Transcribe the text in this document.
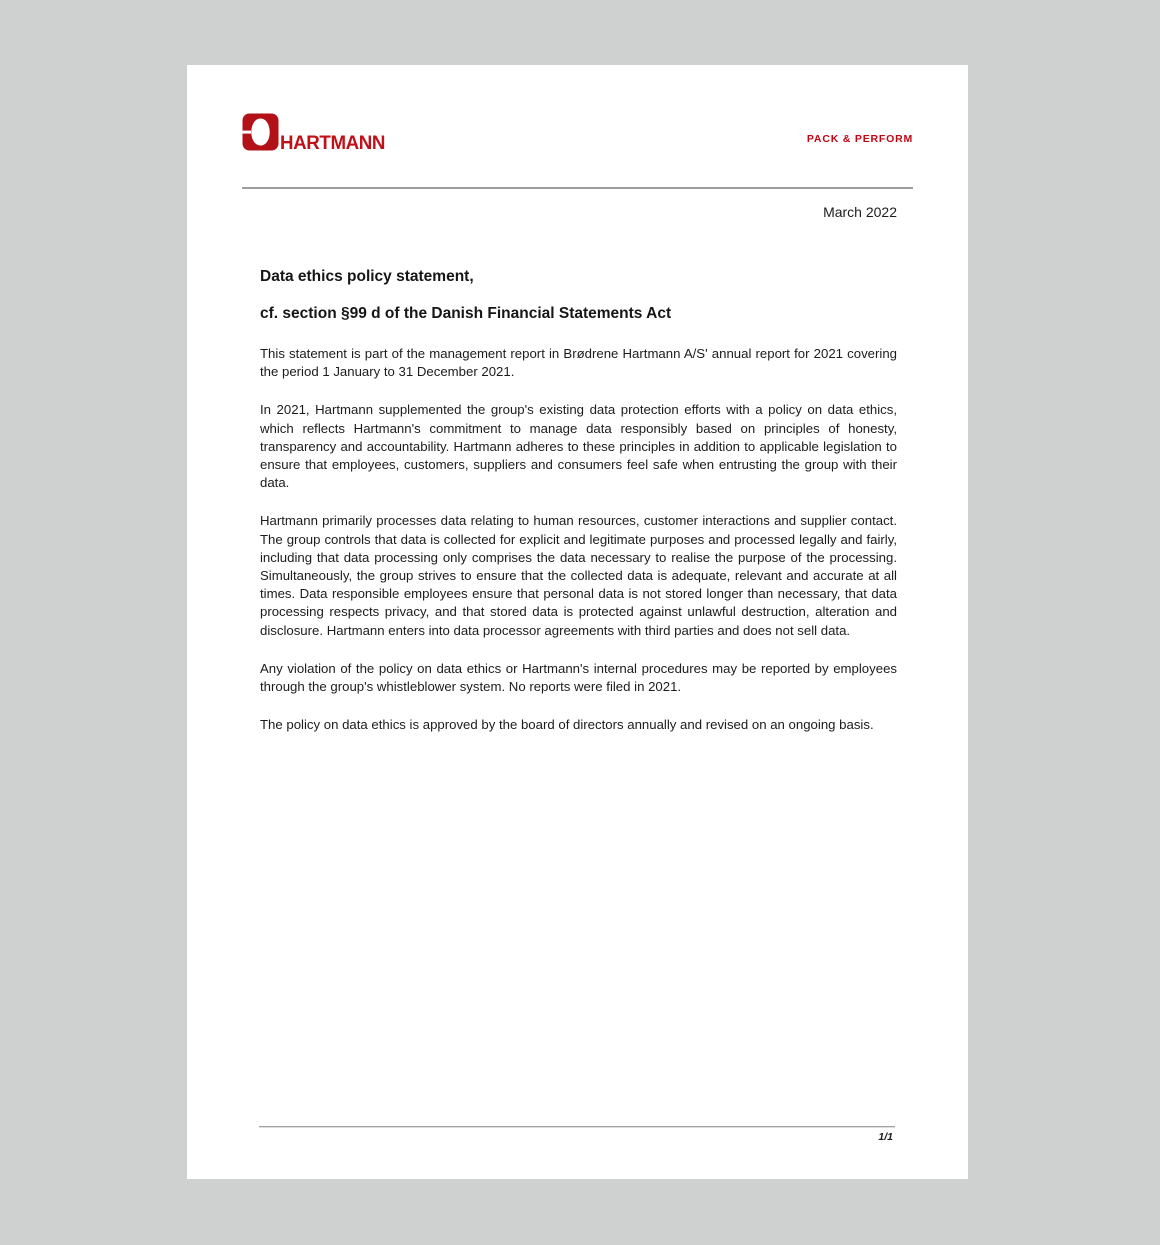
HARTMANN	PACK & PERFORM
March 2022
Data ethics policy statement,
cf. section §99 d of the Danish Financial Statements Act

This statement is part of the management report in Brødrene Hartmann A/S' annual report for 2021 covering the period 1 January to 31 December 2021.

In 2021, Hartmann supplemented the group's existing data protection efforts with a policy on data ethics, which reflects Hartmann's commitment to manage data responsibly based on principles of honesty, transparency and accountability. Hartmann adheres to these principles in addition to applicable legislation to ensure that employees, customers, suppliers and consumers feel safe when entrusting the group with their data.

Hartmann primarily processes data relating to human resources, customer interactions and supplier contact. The group controls that data is collected for explicit and legitimate purposes and processed legally and fairly, including that data processing only comprises the data necessary to realise the purpose of the processing. Simultaneously, the group strives to ensure that the collected data is adequate, relevant and accurate at all times. Data responsible employees ensure that personal data is not stored longer than necessary, that data processing respects privacy, and that stored data is protected against unlawful destruction, alteration and disclosure. Hartmann enters into data processor agreements with third parties and does not sell data.

Any violation of the policy on data ethics or Hartmann's internal procedures may be reported by employees through the group's whistleblower system. No reports were filed in 2021.

The policy on data ethics is approved by the board of directors annually and revised on an ongoing basis.

1/1
